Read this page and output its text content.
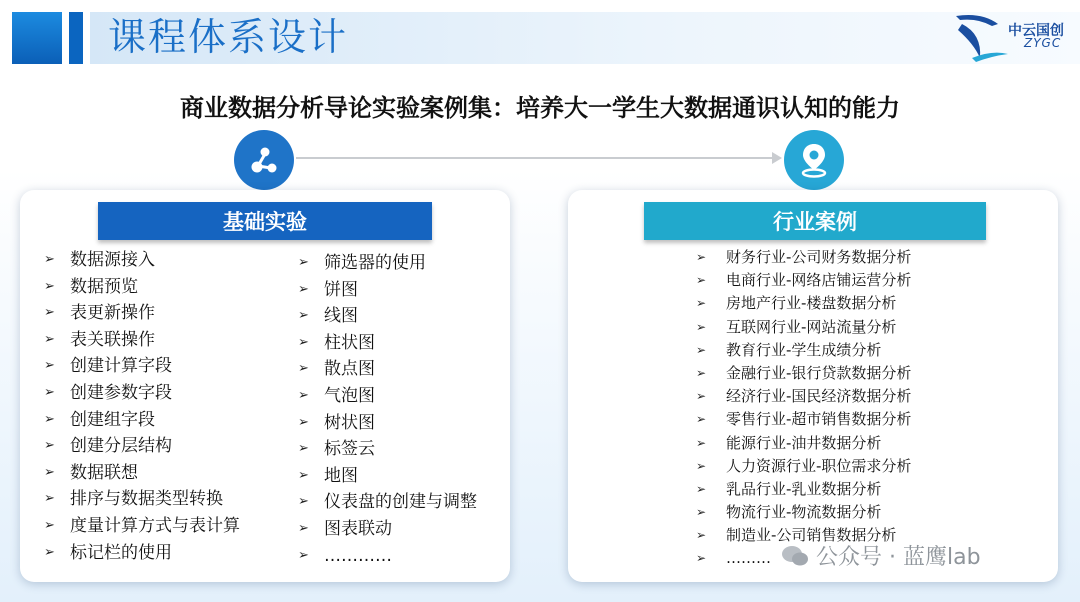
课程体系设计	中云国创
ZYGC
商业数据分析导论实验案例集：培养大一学生大数据通识认知的能力
基础实验
➢ 数据源接入
➢ 数据预览
➢ 表更新操作
➢ 表关联操作
➢ 创建计算字段
➢ 创建参数字段
➢ 创建组字段
➢ 创建分层结构
➢ 数据联想
➢ 排序与数据类型转换
➢ 度量计算方式与表计算
➢ 标记栏的使用
➢ 筛选器的使用
➢ 饼图
➢ 线图
➢ 柱状图
➢ 散点图
➢ 气泡图
➢ 树状图
➢ 标签云
➢ 地图
➢ 仪表盘的创建与调整
➢ 图表联动
➢ …………
行业案例
➢ 财务行业-公司财务数据分析
➢ 电商行业-网络店铺运营分析
➢ 房地产行业-楼盘数据分析
➢ 互联网行业-网站流量分析
➢ 教育行业-学生成绩分析
➢ 金融行业-银行贷款数据分析
➢ 经济行业-国民经济数据分析
➢ 零售行业-超市销售数据分析
➢ 能源行业-油井数据分析
➢ 人力资源行业-职位需求分析
➢ 乳品行业-乳业数据分析
➢ 物流行业-物流数据分析
➢ 制造业-公司销售数据分析
➢ ……… 公众号 · 蓝鹰lab
